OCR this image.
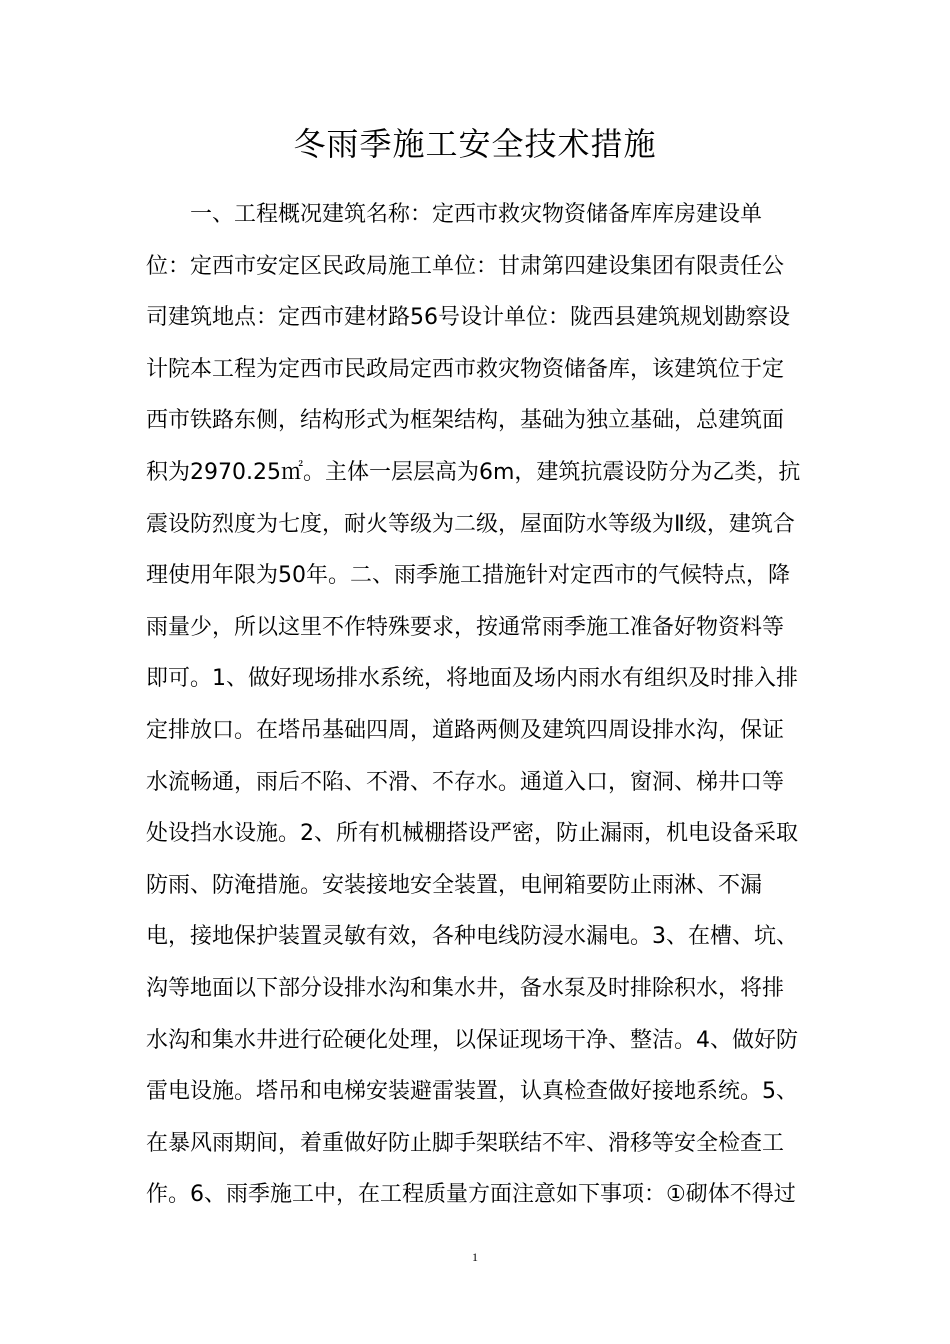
冬雨季施工安全技术措施
一、工程概况建筑名称：定西市救灾物资储备库库房建设单
位：定西市安定区民政局施工单位：甘肃第四建设集团有限责任公
司建筑地点：定西市建材路56号设计单位：陇西县建筑规划勘察设
计院本工程为定西市民政局定西市救灾物资储备库，该建筑位于定
西市铁路东侧，结构形式为框架结构，基础为独立基础，总建筑面
积为2970.25㎡。主体一层层高为6m，建筑抗震设防分为乙类，抗
震设防烈度为七度，耐火等级为二级，屋面防水等级为Ⅱ级，建筑合
理使用年限为50年。二、雨季施工措施针对定西市的气候特点，降
雨量少，所以这里不作特殊要求，按通常雨季施工准备好物资料等
即可。1、做好现场排水系统，将地面及场内雨水有组织及时排入排
定排放口。在塔吊基础四周，道路两侧及建筑四周设排水沟，保证
水流畅通，雨后不陷、不滑、不存水。通道入口，窗洞、梯井口等
处设挡水设施。2、所有机械棚搭设严密，防止漏雨，机电设备采取
防雨、防淹措施。安装接地安全装置，电闸箱要防止雨淋、不漏
电，接地保护装置灵敏有效，各种电线防浸水漏电。3、在槽、坑、
沟等地面以下部分设排水沟和集水井，备水泵及时排除积水，将排
水沟和集水井进行砼硬化处理，以保证现场干净、整洁。4、做好防
雷电设施。塔吊和电梯安装避雷装置，认真检查做好接地系统。5、
在暴风雨期间，着重做好防止脚手架联结不牢、滑移等安全检查工
作。6、雨季施工中，在工程质量方面注意如下事项：①砌体不得过
1
